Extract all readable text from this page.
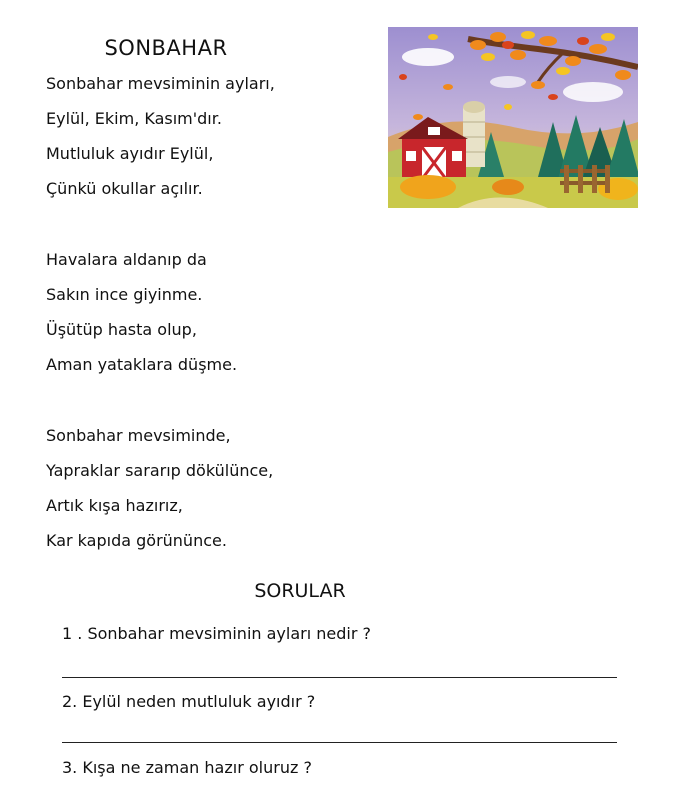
SONBAHAR
Sonbahar mevsiminin ayları,
Eylül, Ekim, Kasım'dır.
Mutluluk ayıdır Eylül,
Çünkü okullar açılır.
Havalara aldanıp da
Sakın ince giyinme.
Üşütüp hasta olup,
Aman yataklara düşme.
Sonbahar mevsiminde,
Yapraklar sararıp dökülünce,
Artık kışa hazırız,
Kar kapıda görününce.
SORULAR
1 . Sonbahar mevsiminin ayları nedir ?
2. Eylül neden mutluluk ayıdır ?
3. Kışa ne zaman hazır oluruz ?
